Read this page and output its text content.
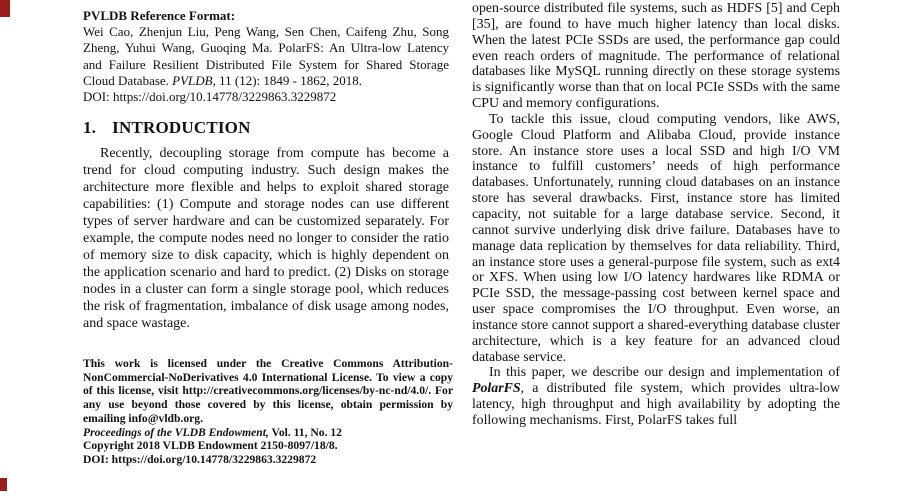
PVLDB Reference Format:
Wei Cao, Zhenjun Liu, Peng Wang, Sen Chen, Caifeng Zhu, Song Zheng, Yuhui Wang, Guoqing Ma. PolarFS: An Ultra-low Latency and Failure Resilient Distributed File System for Shared Storage Cloud Database. PVLDB, 11 (12): 1849 - 1862, 2018.
DOI: https://doi.org/10.14778/3229863.3229872
1. INTRODUCTION

Recently, decoupling storage from compute has become a trend for cloud computing industry. Such design makes the architecture more flexible and helps to exploit shared storage capabilities: (1) Compute and storage nodes can use different types of server hardware and can be customized separately. For example, the compute nodes need no longer to consider the ratio of memory size to disk capacity, which is highly dependent on the application scenario and hard to predict. (2) Disks on storage nodes in a cluster can form a single storage pool, which reduces the risk of fragmentation, imbalance of disk usage among nodes, and space wastage.

This work is licensed under the Creative Commons Attribution-NonCommercial-NoDerivatives 4.0 International License. To view a copy of this license, visit http://creativecommons.org/licenses/by-nc-nd/4.0/. For any use beyond those covered by this license, obtain permission by emailing info@vldb.org.

Proceedings of the VLDB Endowment, Vol. 11, No. 12

Copyright 2018 VLDB Endowment 2150-8097/18/8.

DOI: https://doi.org/10.14778/3229863.3229872

open-source distributed file systems, such as HDFS [5] and Ceph [35], are found to have much higher latency than local disks. When the latest PCIe SSDs are used, the performance gap could even reach orders of magnitude. The performance of relational databases like MySQL running directly on these storage systems is significantly worse than that on local PCIe SSDs with the same CPU and memory configurations.

To tackle this issue, cloud computing vendors, like AWS, Google Cloud Platform and Alibaba Cloud, provide instance store. An instance store uses a local SSD and high I/O VM instance to fulfill customers’ needs of high performance databases. Unfortunately, running cloud databases on an instance store has several drawbacks. First, instance store has limited capacity, not suitable for a large database service. Second, it cannot survive underlying disk drive failure. Databases have to manage data replication by themselves for data reliability. Third, an instance store uses a general-purpose file system, such as ext4 or XFS. When using low I/O latency hardwares like RDMA or PCIe SSD, the message-passing cost between kernel space and user space compromises the I/O throughput. Even worse, an instance store cannot support a shared-everything database cluster architecture, which is a key feature for an advanced cloud database service.

In this paper, we describe our design and implementation of PolarFS, a distributed file system, which provides ultra-low latency, high throughput and high availability by adopting the following mechanisms. First, PolarFS takes full
